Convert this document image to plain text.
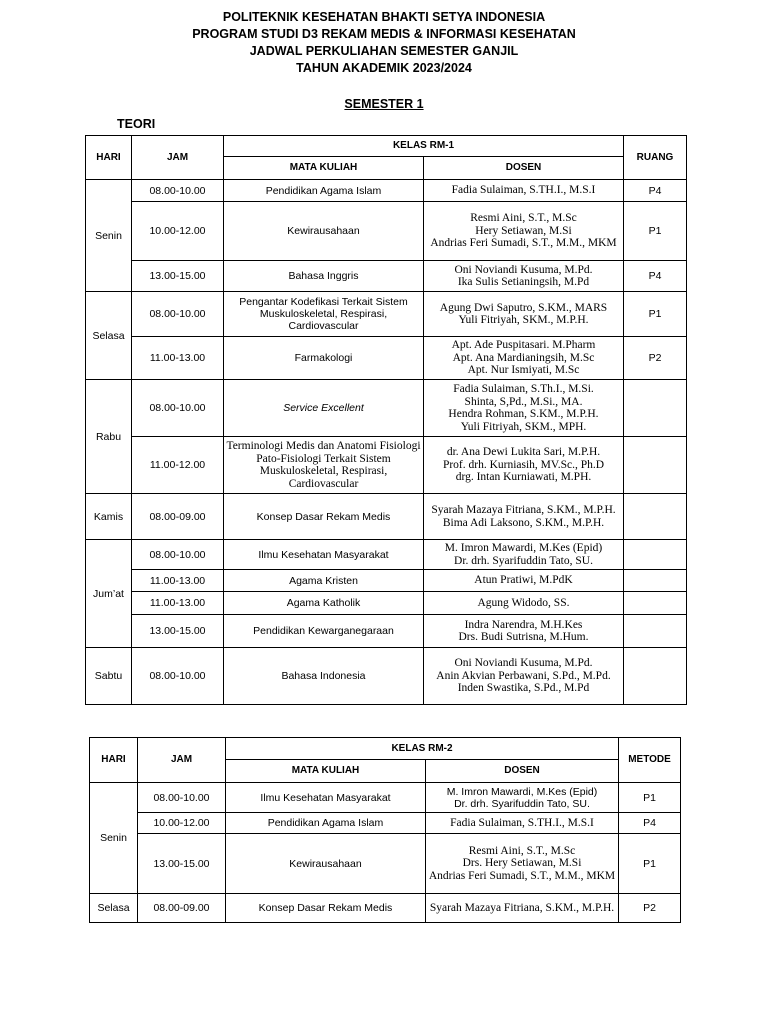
POLITEKNIK KESEHATAN BHAKTI SETYA INDONESIA
PROGRAM STUDI D3 REKAM MEDIS & INFORMASI KESEHATAN
JADWAL PERKULIAHAN SEMESTER GANJIL
TAHUN AKADEMIK 2023/2024
SEMESTER 1
TEORI
HARI	JAM	KELAS RM-1		RUANG
		MATA KULIAH	DOSEN	
Senin	08.00-10.00	Pendidikan Agama Islam	Fadia Sulaiman, S.TH.I., M.S.I	P4
	10.00-12.00	Kewirausahaan	Resmi Aini, S.T., M.Sc
Hery Setiawan, M.Si
Andrias Feri Sumadi, S.T., M.M., MKM	P1
	13.00-15.00	Bahasa Inggris	Oni Noviandi Kusuma, M.Pd.
Ika Sulis Setianingsih, M.Pd	P4
Selasa	08.00-10.00	Pengantar Kodefikasi Terkait Sistem Muskuloskeletal, Respirasi, Cardiovascular	Agung Dwi Saputro, S.KM., MARS
Yuli Fitriyah, SKM., M.P.H.	P1
	11.00-13.00	Farmakologi	Apt. Ade Puspitasari. M.Pharm
Apt. Ana Mardianingsih, M.Sc
Apt. Nur Ismiyati, M.Sc	P2
Rabu	08.00-10.00	Service Excellent	Fadia Sulaiman, S.Th.I., M.Si.
Shinta, S,Pd., M.Si., MA.
Hendra Rohman, S.KM., M.P.H.
Yuli Fitriyah, SKM., MPH.	
	11.00-12.00	Terminologi Medis dan Anatomi Fisiologi Pato-Fisiologi Terkait Sistem Muskuloskeletal, Respirasi, Cardiovascular	dr. Ana Dewi Lukita Sari, M.P.H.
Prof. drh. Kurniasih, MV.Sc., Ph.D
drg. Intan Kurniawati, M.PH.	
Kamis	08.00-09.00	Konsep Dasar Rekam Medis	Syarah Mazaya Fitriana, S.KM., M.P.H.
Bima Adi Laksono, S.KM., M.P.H.	
Jum’at	08.00-10.00	Ilmu Kesehatan Masyarakat	M. Imron Mawardi, M.Kes (Epid)
Dr. drh. Syarifuddin Tato, SU.	
	11.00-13.00	Agama Kristen	Atun Pratiwi, M.PdK	
	11.00-13.00	Agama Katholik	Agung Widodo, SS.	
	13.00-15.00	Pendidikan Kewarganegaraan	Indra Narendra, M.H.Kes
Drs. Budi Sutrisna, M.Hum.	
Sabtu	08.00-10.00	Bahasa Indonesia	Oni Noviandi Kusuma, M.Pd.
Anin Akvian Perbawani, S.Pd., M.Pd.
Inden Swastika, S.Pd., M.Pd	
HARI	JAM	KELAS RM-2		METODE
		MATA KULIAH	DOSEN	
Senin	08.00-10.00	Ilmu Kesehatan Masyarakat	M. Imron Mawardi, M.Kes (Epid)
Dr. drh. Syarifuddin Tato, SU.	P1
	10.00-12.00	Pendidikan Agama Islam	Fadia Sulaiman, S.TH.I., M.S.I	P4
	13.00-15.00	Kewirausahaan	Resmi Aini, S.T., M.Sc
Drs. Hery Setiawan, M.Si
Andrias Feri Sumadi, S.T., M.M., MKM	P1
Selasa	08.00-09.00	Konsep Dasar Rekam Medis	Syarah Mazaya Fitriana, S.KM., M.P.H.	P2
